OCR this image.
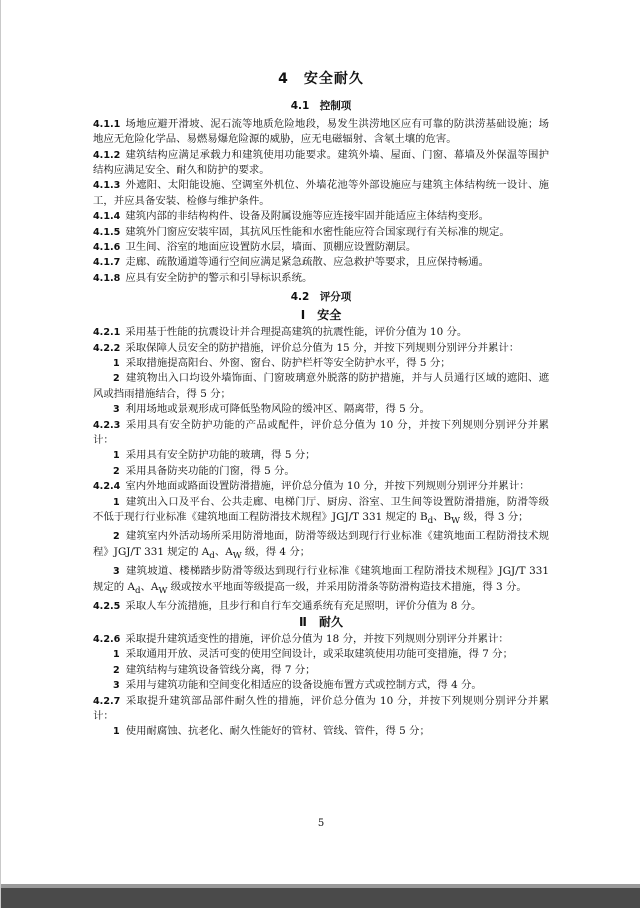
4　安全耐久
4.1　控制项

4.1.1 场地应避开滑坡、泥石流等地质危险地段，易发生洪涝地区应有可靠的防洪涝基础设施；场地应无危险化学品、易燃易爆危险源的威胁，应无电磁辐射、含氡土壤的危害。

4.1.2 建筑结构应满足承载力和建筑使用功能要求。建筑外墙、屋面、门窗、幕墙及外保温等围护结构应满足安全、耐久和防护的要求。

4.1.3 外遮阳、太阳能设施、空调室外机位、外墙花池等外部设施应与建筑主体结构统一设计、施工，并应具备安装、检修与维护条件。

4.1.4 建筑内部的非结构构件、设备及附属设施等应连接牢固并能适应主体结构变形。

4.1.5 建筑外门窗应安装牢固，其抗风压性能和水密性能应符合国家现行有关标准的规定。

4.1.6 卫生间、浴室的地面应设置防水层，墙面、顶棚应设置防潮层。

4.1.7 走廊、疏散通道等通行空间应满足紧急疏散、应急救护等要求，且应保持畅通。

4.1.8 应具有安全防护的警示和引导标识系统。

4.2　评分项
Ⅰ　安全

4.2.1 采用基于性能的抗震设计并合理提高建筑的抗震性能，评价分值为 10 分。

4.2.2 采取保障人员安全的防护措施，评价总分值为 15 分，并按下列规则分别评分并累计：

1 采取措施提高阳台、外窗、窗台、防护栏杆等安全防护水平，得 5 分；

2 建筑物出入口均设外墙饰面、门窗玻璃意外脱落的防护措施，并与人员通行区域的遮阳、遮风或挡雨措施结合，得 5 分；

3 利用场地或景观形成可降低坠物风险的缓冲区、隔离带，得 5 分。

4.2.3 采用具有安全防护功能的产品或配件，评价总分值为 10 分，并按下列规则分别评分并累计：

1 采用具有安全防护功能的玻璃，得 5 分；

2 采用具备防夹功能的门窗，得 5 分。

4.2.4 室内外地面或路面设置防滑措施，评价总分值为 10 分，并按下列规则分别评分并累计：

1 建筑出入口及平台、公共走廊、电梯门厅、厨房、浴室、卫生间等设置防滑措施，防滑等级不低于现行行业标准《建筑地面工程防滑技术规程》JGJ/T 331 规定的 $B_d$、$B_W$ 级，得 3 分；

2 建筑室内外活动场所采用防滑地面，防滑等级达到现行行业标准《建筑地面工程防滑技术规程》JGJ/T 331 规定的 $A_d$、$A_W$ 级，得 4 分；

3 建筑坡道、楼梯踏步防滑等级达到现行行业标准《建筑地面工程防滑技术规程》JGJ/T 331 规定的 $A_d$、$A_W$ 级或按水平地面等级提高一级，并采用防滑条等防滑构造技术措施，得 3 分。

4.2.5 采取人车分流措施，且步行和自行车交通系统有充足照明，评价分值为 8 分。

Ⅱ　耐久

4.2.6 采取提升建筑适变性的措施，评价总分值为 18 分，并按下列规则分别评分并累计：

1 采取通用开放、灵活可变的使用空间设计，或采取建筑使用功能可变措施，得 7 分；

2 建筑结构与建筑设备管线分离，得 7 分；

3 采用与建筑功能和空间变化相适应的设备设施布置方式或控制方式，得 4 分。

4.2.7 采取提升建筑部品部件耐久性的措施，评价总分值为 10 分，并按下列规则分别评分并累计：

1 使用耐腐蚀、抗老化、耐久性能好的管材、管线、管件，得 5 分；

5
